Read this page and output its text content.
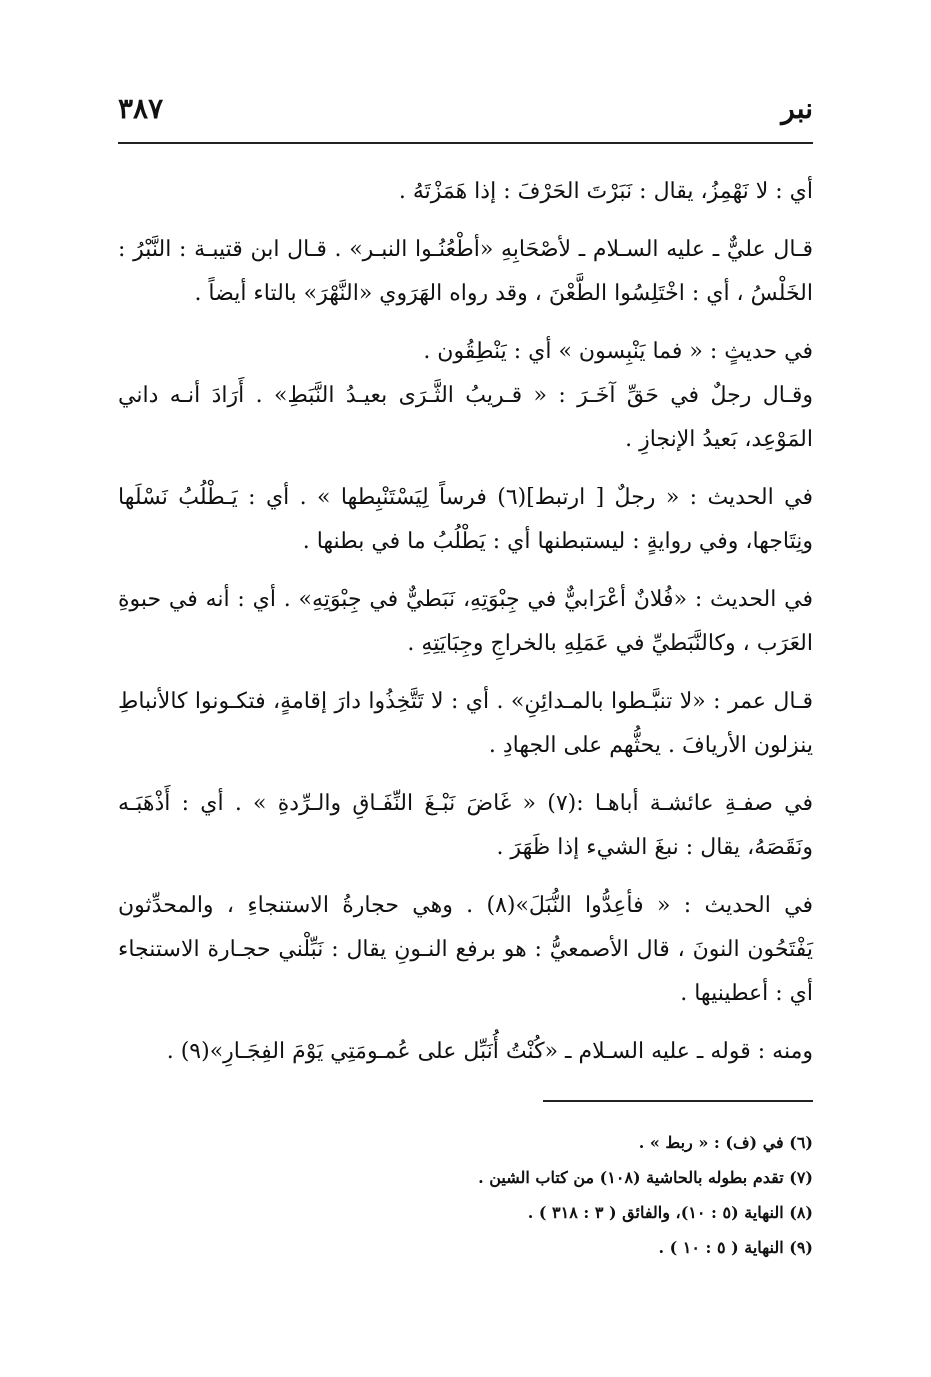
نبر
٣٨٧

أي : لا نَهْمِزُ، يقال : نَبَرْتَ الحَرْفَ : إذا هَمَزْتَهُ .

قـال عليٌّ ـ عليه السـلام ـ لأصْحَابِهِ «أطْعُنُـوا النبـر» . قـال ابن قتيبـة : النَّبْرُ : الخَلْسُ ، أي : اخْتَلِسُوا الطَّعْنَ ، وقد رواه الهَرَوي «النَّهْرَ» بالتاء أيضاً .

في حديثٍ : « فما يَنْبِسون » أي : يَنْطِقُون .

وقـال رجلٌ في حَقِّ آخَـرَ : « قـريبُ الثَّـرَى بعيـدُ النَّبَطِ» . أَرَادَ أنـه داني المَوْعِد، بَعيدُ الإنجازِ .

في الحديث : « رجلٌ [ ارتبط](٦) فرساً لِيَسْتَنْبِطها » . أي : يَـطْلُبُ نَسْلَها ونِتَاجها، وفي روايةٍ : ليستبطنها أي : يَطْلُبُ ما في بطنها .

في الحديث : «فُلانٌ أعْرَابيٌّ في جِبْوَتِهِ، نَبَطيٌّ في جِبْوَتِهِ» . أي : أنه في حبوةِ العَرَب ، وكالنَّبَطيِّ في عَمَلِهِ بالخراجِ وجِبَايَتِهِ .

قـال عمر : «لا تنبَّـطوا بالمـدائِنِ» . أي : لا تَتَّخِذُوا دارَ إقامةٍ، فتكـونوا كالأنباطِ ينزلون الأريافَ . يحثُّهم على الجهادِ .

في صفـةِ عائشـة أباهـا :(٧) « غَاضَ نَبْـغَ النِّفَـاقِ والـرِّدةِ » . أي : أَذْهَبَـه ونَقَصَهُ، يقال : نبغَ الشيء إذا ظَهَرَ .

في الحديث : « فأعِدُّوا النُّبَلَ»(٨) . وهي حجارةُ الاستنجاءِ ، والمحدِّثون يَفْتَحُون النونَ ، قال الأصمعيُّ : هو برفع النـونِ يقال : نَبِّلْني حجـارة الاستنجاء أي : أعطينيها .

ومنه : قوله ـ عليه السـلام ـ «كُنْتُ أُنَبِّل على عُمـومَتِي يَوْمَ الفِجَـارِ»(٩) .

(٦) في (ف) : « ربط » .

(٧) تقدم بطوله بالحاشية (١٠٨) من كتاب الشين .

(٨) النهاية (٥ : ١٠)، والفائق ( ٣ : ٣١٨ ) .

(٩) النهاية ( ٥ : ١٠ ) .
